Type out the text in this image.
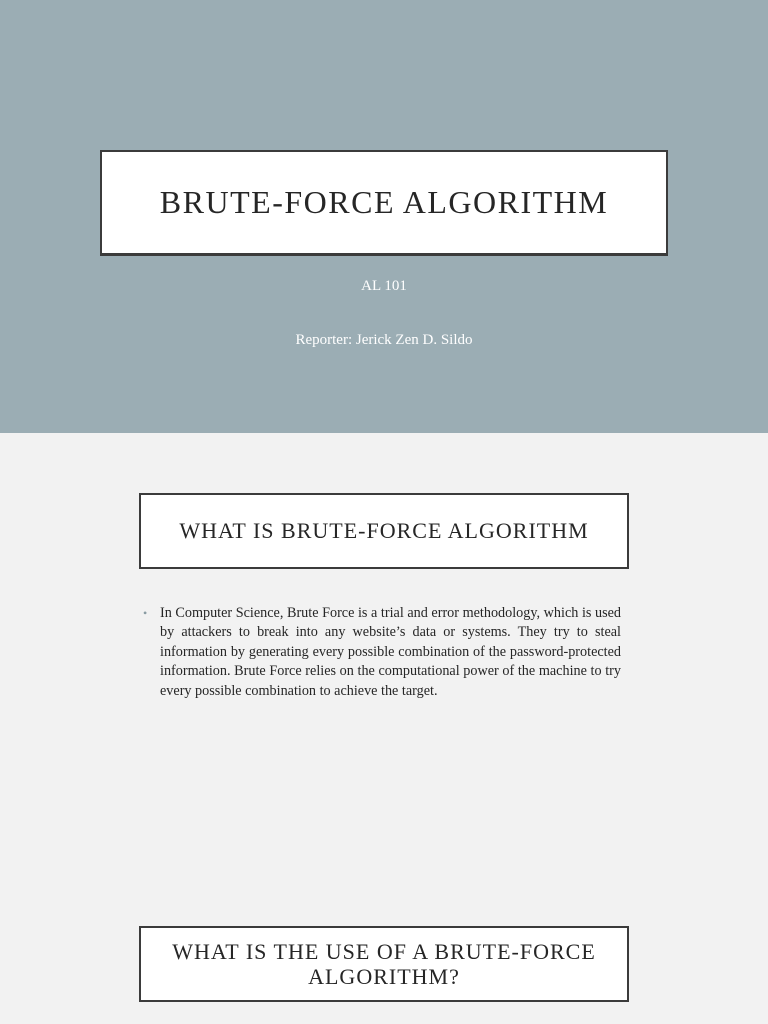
BRUTE-FORCE ALGORITHM
AL 101
Reporter: Jerick Zen D. Sildo
WHAT IS BRUTE-FORCE ALGORITHM
• In Computer Science, Brute Force is a trial and error methodology, which is used by attackers to break into any website’s data or systems. They try to steal information by generating every possible combination of the password-protected information. Brute Force relies on the computational power of the machine to try every possible combination to achieve the target.
WHAT IS THE USE OF A BRUTE-FORCE ALGORITHM?
